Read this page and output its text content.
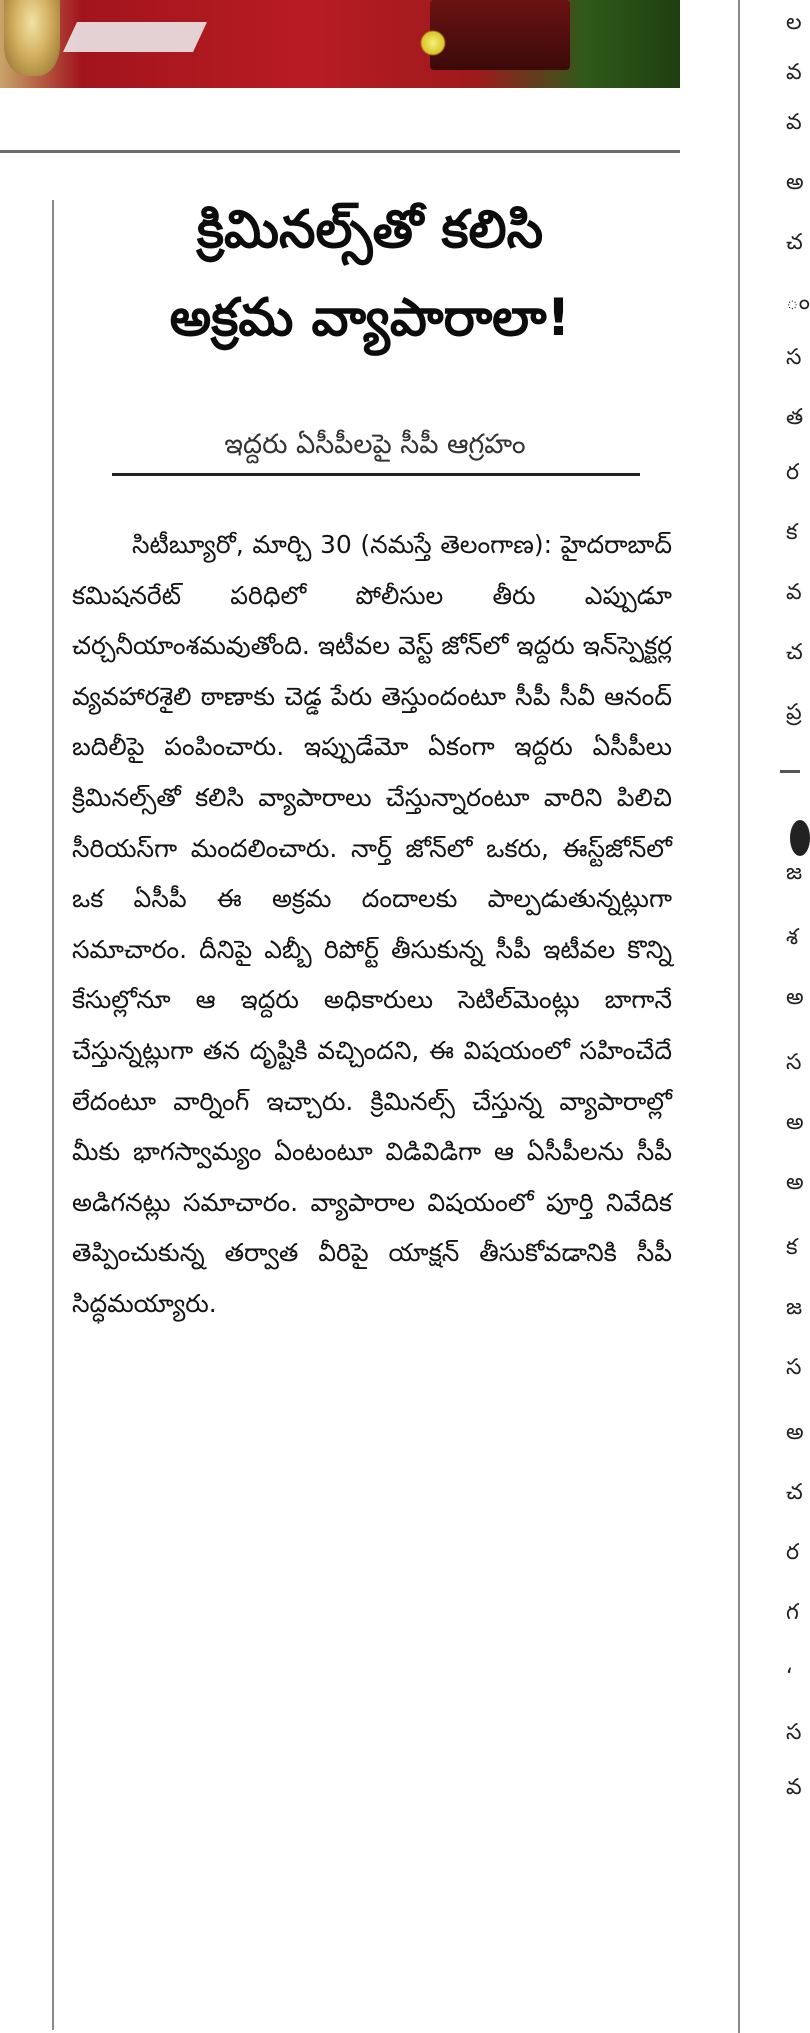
క్రిమినల్స్‌తో కలిసి
అక్రమ వ్యాపారాలా!
ఇద్దరు ఏసీపీలపై సీపీ ఆగ్రహం

సిటీబ్యూరో, మార్చి 30 (నమస్తే తెలంగాణ): హైదరాబాద్ కమిషనరేట్ పరిధిలో పోలీసుల తీరు ఎప్పుడూ చర్చనీయాంశమవుతోంది. ఇటీవల వెస్ట్ జోన్‌లో ఇద్దరు ఇన్‌స్పెక్టర్ల వ్యవహారశైలి ఠాణాకు చెడ్డ పేరు తెస్తుందంటూ సీపీ సీవీ ఆనంద్ బదిలీపై పంపించారు. ఇప్పుడేమో ఏకంగా ఇద్దరు ఏసీపీలు క్రిమినల్స్‌తో కలిసి వ్యాపారాలు చేస్తున్నారంటూ వారిని పిలిచి సీరియస్‌గా మందలించారు. నార్త్ జోన్‌లో ఒకరు, ఈస్ట్‌జోన్‌లో ఒక ఏసీపీ ఈ అక్రమ దందాలకు పాల్పడుతున్నట్లుగా సమాచారం. దీనిపై ఎబ్బీ రిపోర్ట్ తీసుకున్న సీపీ ఇటీవల కొన్ని కేసుల్లోనూ ఆ ఇద్దరు అధికారులు సెటిల్‌మెంట్లు బాగానే చేస్తున్నట్లుగా తన దృష్టికి వచ్చిందని, ఈ విషయంలో సహించేదే లేదంటూ వార్నింగ్ ఇచ్చారు. క్రిమినల్స్ చేస్తున్న వ్యాపారాల్లో మీకు భాగస్వామ్యం ఏంటంటూ విడివిడిగా ఆ ఏసీపీలను సీపీ అడిగనట్లు సమాచారం. వ్యాపారాల విషయంలో పూర్తి నివేదిక తెప్పించుకున్న తర్వాత వీరిపై యాక్షన్ తీసుకోవడానికి సీపీ సిద్ధమయ్యారు.

ల
వ
వ
అ
చ
ం
స
త
ర
క
వ
చ
ప్ర
జ
శ
అ
స
అ
అ
క
జ
స
అ
చ
ర
గ
‘
స
వ
